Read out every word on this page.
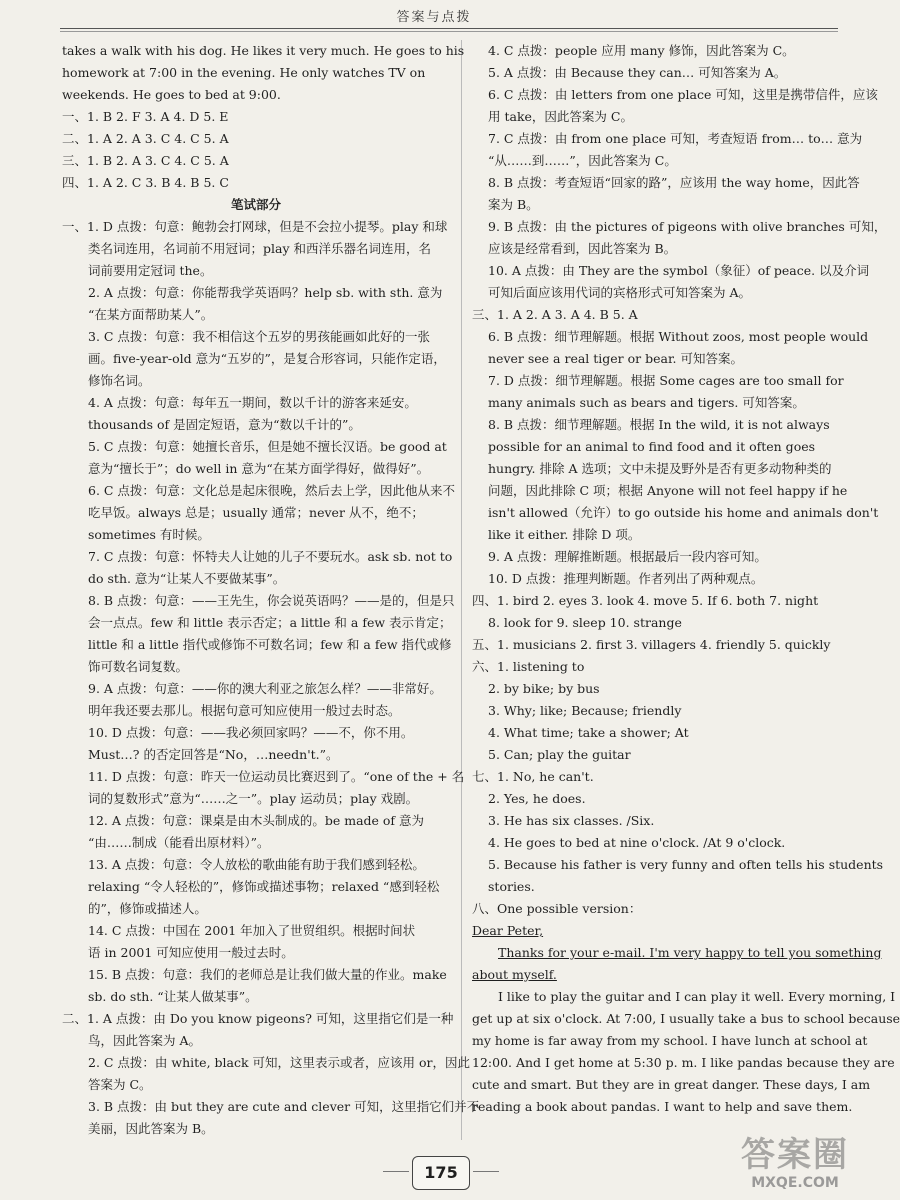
答案与点拨
takes a walk with his dog. He likes it very much. He goes to his
homework at 7:00 in the evening. He only watches TV on
weekends. He goes to bed at 9:00.
一、1. B 2. F 3. A 4. D 5. E
二、1. A 2. A 3. C 4. C 5. A
三、1. B 2. A 3. C 4. C 5. A
四、1. A 2. C 3. B 4. B 5. C
笔试部分
一、1. D 点拨：句意：鲍勃会打网球，但是不会拉小提琴。play 和球
类名词连用，名词前不用冠词；play 和西洋乐器名词连用，名
词前要用定冠词 the。
2. A 点拨：句意：你能帮我学英语吗？help sb. with sth. 意为
“在某方面帮助某人”。
3. C 点拨：句意：我不相信这个五岁的男孩能画如此好的一张
画。five-year-old 意为“五岁的”，是复合形容词，只能作定语，
修饰名词。
4. A 点拨：句意：每年五一期间，数以千计的游客来延安。
thousands of 是固定短语，意为“数以千计的”。
5. C 点拨：句意：她擅长音乐，但是她不擅长汉语。be good at
意为“擅长于”；do well in 意为“在某方面学得好，做得好”。
6. C 点拨：句意：文化总是起床很晚，然后去上学，因此他从来不
吃早饭。always 总是；usually 通常；never 从不，绝不；
sometimes 有时候。
7. C 点拨：句意：怀特夫人让她的儿子不要玩水。ask sb. not to
do sth. 意为“让某人不要做某事”。
8. B 点拨：句意：——王先生，你会说英语吗？——是的，但是只
会一点点。few 和 little 表示否定；a little 和 a few 表示肯定；
little 和 a little 指代或修饰不可数名词；few 和 a few 指代或修
饰可数名词复数。
9. A 点拨：句意：——你的澳大利亚之旅怎么样？——非常好。
明年我还要去那儿。根据句意可知应使用一般过去时态。
10. D 点拨：句意：——我必须回家吗？——不，你不用。
Must…? 的否定回答是“No，…needn't.”。
11. D 点拨：句意：昨天一位运动员比赛迟到了。“one of the + 名
词的复数形式”意为“……之一”。play 运动员；play 戏剧。
12. A 点拨：句意：课桌是由木头制成的。be made of 意为
“由……制成（能看出原材料）”。
13. A 点拨：句意：令人放松的歌曲能有助于我们感到轻松。
relaxing “令人轻松的”，修饰或描述事物；relaxed “感到轻松
的”，修饰或描述人。
14. C 点拨：中国在 2001 年加入了世贸组织。根据时间状
语 in 2001 可知应使用一般过去时。
15. B 点拨：句意：我们的老师总是让我们做大量的作业。make
sb. do sth. “让某人做某事”。
二、1. A 点拨：由 Do you know pigeons? 可知，这里指它们是一种
鸟，因此答案为 A。
2. C 点拨：由 white, black 可知，这里表示或者，应该用 or，因此
答案为 C。
3. B 点拨：由 but they are cute and clever 可知，这里指它们并不
美丽，因此答案为 B。
4. C 点拨：people 应用 many 修饰，因此答案为 C。
5. A 点拨：由 Because they can… 可知答案为 A。
6. C 点拨：由 letters from one place 可知，这里是携带信件，应该
用 take，因此答案为 C。
7. C 点拨：由 from one place 可知，考查短语 from… to… 意为
“从……到……”，因此答案为 C。
8. B 点拨：考查短语“回家的路”，应该用 the way home，因此答
案为 B。
9. B 点拨：由 the pictures of pigeons with olive branches 可知，
应该是经常看到，因此答案为 B。
10. A 点拨：由 They are the symbol（象征）of peace. 以及介词
可知后面应该用代词的宾格形式可知答案为 A。
三、1. A 2. A 3. A 4. B 5. A
6. B 点拨：细节理解题。根据 Without zoos, most people would
never see a real tiger or bear. 可知答案。
7. D 点拨：细节理解题。根据 Some cages are too small for
many animals such as bears and tigers. 可知答案。
8. B 点拨：细节理解题。根据 In the wild, it is not always
possible for an animal to find food and it often goes
hungry. 排除 A 选项；文中未提及野外是否有更多动物种类的
问题，因此排除 C 项；根据 Anyone will not feel happy if he
isn't allowed（允许）to go outside his home and animals don't
like it either. 排除 D 项。
9. A 点拨：理解推断题。根据最后一段内容可知。
10. D 点拨：推理判断题。作者列出了两种观点。
四、1. bird 2. eyes 3. look 4. move 5. If 6. both 7. night
8. look for 9. sleep 10. strange
五、1. musicians 2. first 3. villagers 4. friendly 5. quickly
六、1. listening to
2. by bike; by bus
3. Why; like; Because; friendly
4. What time; take a shower; At
5. Can; play the guitar
七、1. No, he can't.
2. Yes, he does.
3. He has six classes. /Six.
4. He goes to bed at nine o'clock. /At 9 o'clock.
5. Because his father is very funny and often tells his students
stories.
八、One possible version：
Dear Peter,
Thanks for your e-mail. I'm very happy to tell you something
about myself.
I like to play the guitar and I can play it well. Every morning, I
get up at six o'clock. At 7:00, I usually take a bus to school because
my home is far away from my school. I have lunch at school at
12:00. And I get home at 5:30 p. m. I like pandas because they are
cute and smart. But they are in great danger. These days, I am
reading a book about pandas. I want to help and save them.
175	答案圈
MXQE.COM
